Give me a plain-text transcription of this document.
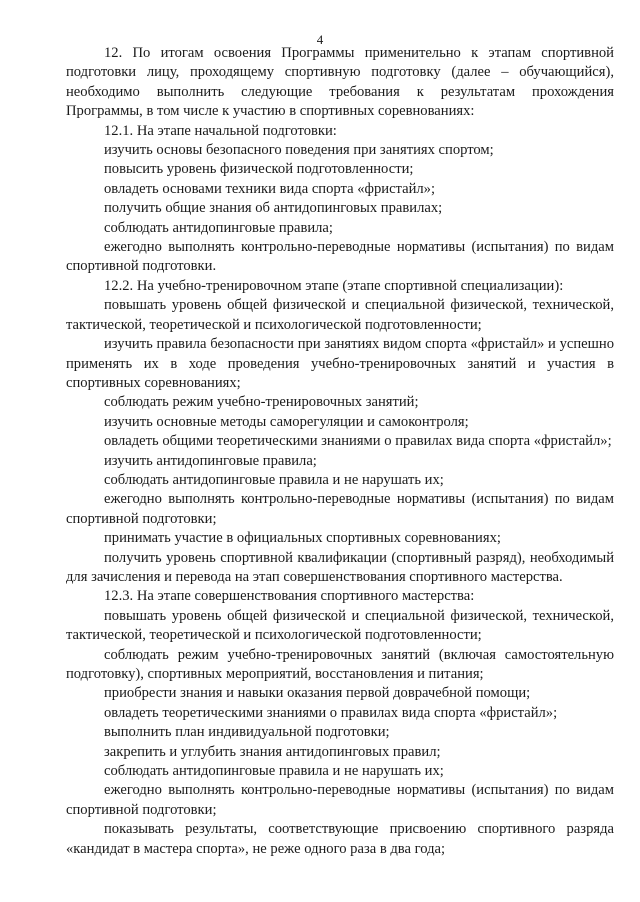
4

12. По итогам освоения Программы применительно к этапам спортивной подготовки лицу, проходящему спортивную подготовку (далее – обучающийся), необходимо выполнить следующие требования к результатам прохождения Программы, в том числе к участию в спортивных соревнованиях:

12.1. На этапе начальной подготовки:

изучить основы безопасного поведения при занятиях спортом;

повысить уровень физической подготовленности;

овладеть основами техники вида спорта «фристайл»;

получить общие знания об антидопинговых правилах;

соблюдать антидопинговые правила;

ежегодно выполнять контрольно-переводные нормативы (испытания) по видам спортивной подготовки.

12.2. На учебно-тренировочном этапе (этапе спортивной специализации):

повышать уровень общей физической и специальной физической, технической, тактической, теоретической и психологической подготовленности;

изучить правила безопасности при занятиях видом спорта «фристайл» и успешно применять их в ходе проведения учебно-тренировочных занятий и участия в спортивных соревнованиях;

соблюдать режим учебно-тренировочных занятий;

изучить основные методы саморегуляции и самоконтроля;

овладеть общими теоретическими знаниями о правилах вида спорта «фристайл»;

изучить антидопинговые правила;

соблюдать антидопинговые правила и не нарушать их;

ежегодно выполнять контрольно-переводные нормативы (испытания) по видам спортивной подготовки;

принимать участие в официальных спортивных соревнованиях;

получить уровень спортивной квалификации (спортивный разряд), необходимый для зачисления и перевода на этап совершенствования спортивного мастерства.

12.3. На этапе совершенствования спортивного мастерства:

повышать уровень общей физической и специальной физической, технической, тактической, теоретической и психологической подготовленности;

соблюдать режим учебно-тренировочных занятий (включая самостоятельную подготовку), спортивных мероприятий, восстановления и питания;

приобрести знания и навыки оказания первой доврачебной помощи;

овладеть теоретическими знаниями о правилах вида спорта «фристайл»;

выполнить план индивидуальной подготовки;

закрепить и углубить знания антидопинговых правил;

соблюдать антидопинговые правила и не нарушать их;

ежегодно выполнять контрольно-переводные нормативы (испытания) по видам спортивной подготовки;

показывать результаты, соответствующие присвоению спортивного разряда «кандидат в мастера спорта», не реже одного раза в два года;
